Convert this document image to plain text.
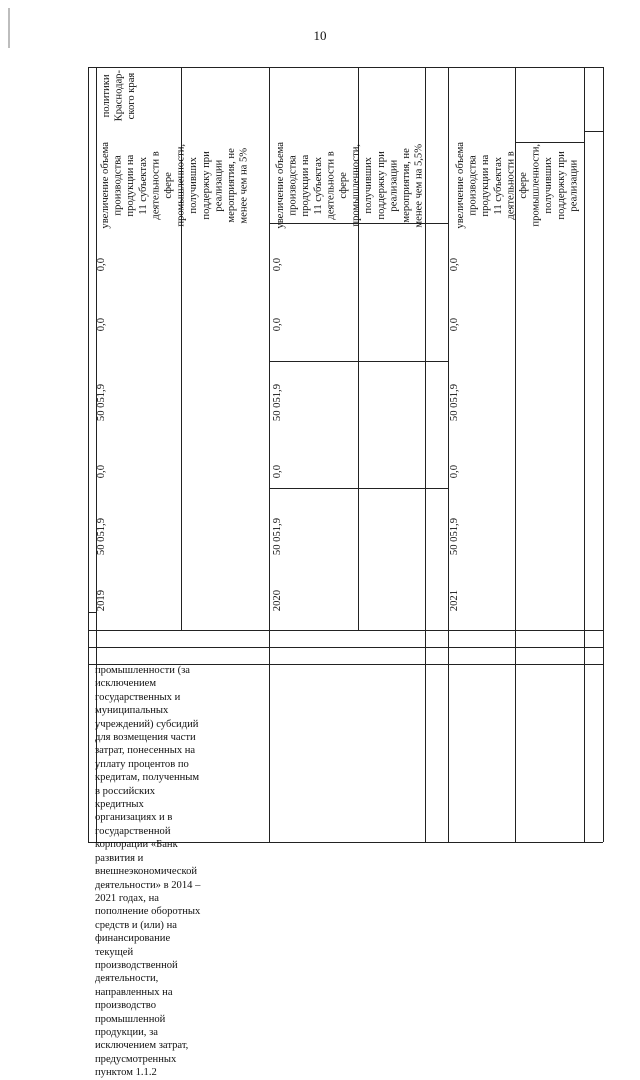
10
промышленности (за
исключением
государственных и
муниципальных
учреждений) субсидий
для возмещения части
затрат, понесенных на
уплату процентов по
кредитам, полученным
в российских
кредитных
организациях и в
государственной
корпорации «Банк
развития и
внешнеэкономической
деятельности» в 2014 –
2021 годах, на
пополнение оборотных
средств и (или) на
финансирование
текущей
производственной
деятельности,
направленных на
производство
промышленной
продукции, за
исключением затрат,
предусмотренных
пунктом 1.1.2
2019
50 051,9
0,0
50 051,9
0,0
0,0
увеличение объема производства продукции на 11 субъектах деятельности в сфере промышленности, получивших поддержку при реализации мероприятия, не менее чем на 5%
2020
50 051,9
0,0
50 051,9
0,0
0,0
увеличение объема производства продукции на 11 субъектах деятельности в сфере промышленности, получивших поддержку при реализации мероприятия, не менее чем на 5,5%
2021
50 051,9
0,0
50 051,9
0,0
0,0
увеличение объема производства продукции на 11 субъектах деятельности в сфере промышленности, получивших поддержку при реализации
политики Краснодар- ского края
